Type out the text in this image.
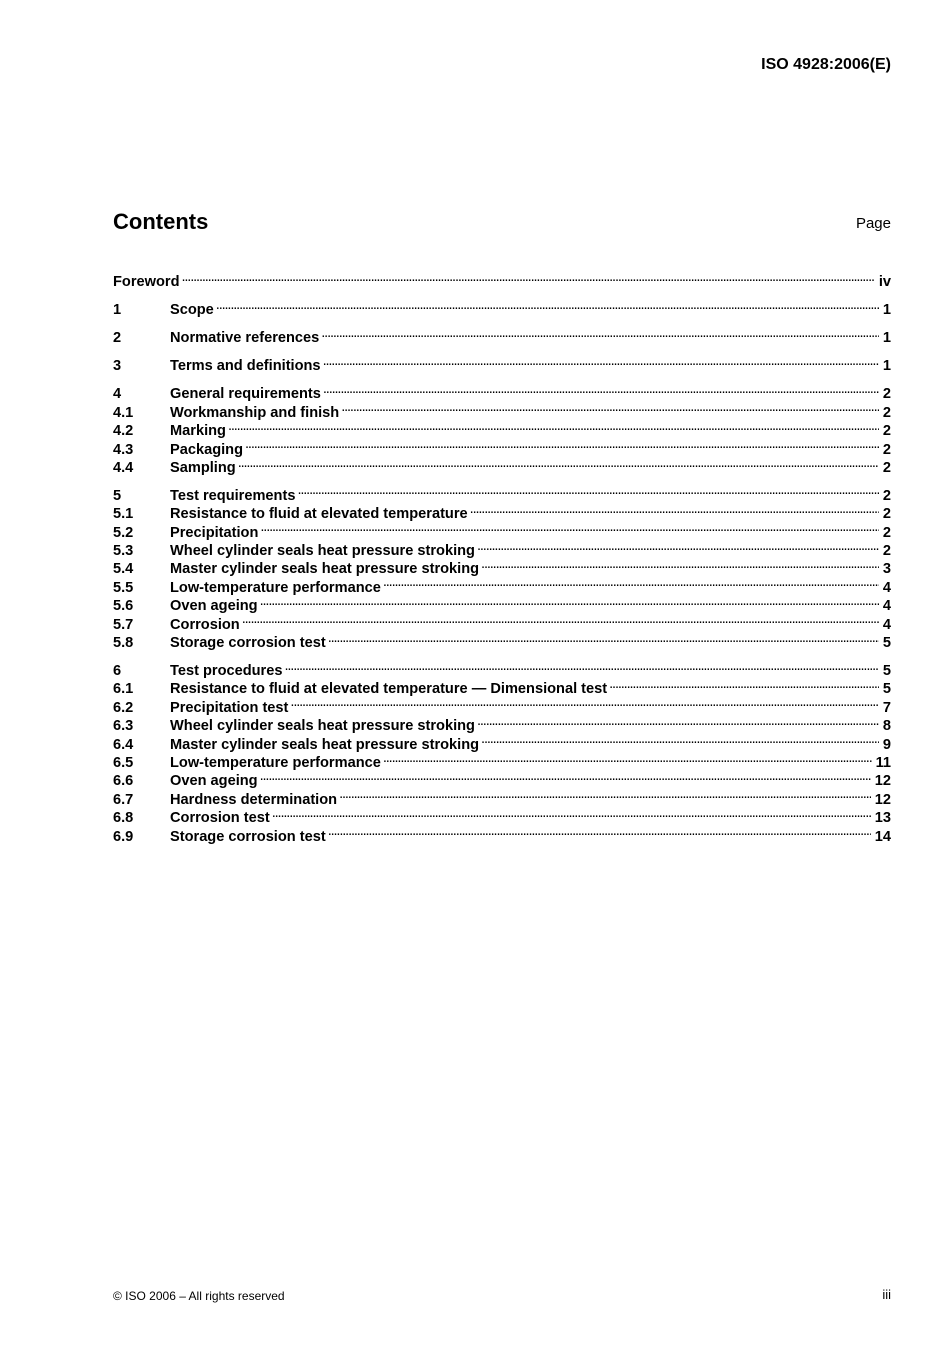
ISO 4928:2006(E)
Contents	Page
Foreword . . .	iv
1	Scope . . .	1
2	Normative references . . .	1
3	Terms and definitions . . .	1
4	General requirements . . .	2
4.1	Workmanship and finish . . .	2
4.2	Marking . . .	2
4.3	Packaging . . .	2
4.4	Sampling . . .	2
5	Test requirements . . .	2
5.1	Resistance to fluid at elevated temperature . . .	2
5.2	Precipitation . . .	2
5.3	Wheel cylinder seals heat pressure stroking . . .	2
5.4	Master cylinder seals heat pressure stroking . . .	3
5.5	Low-temperature performance . . .	4
5.6	Oven ageing . . .	4
5.7	Corrosion . . .	4
5.8	Storage corrosion test . . .	5
6	Test procedures . . .	5
6.1	Resistance to fluid at elevated temperature — Dimensional test . . .	5
6.2	Precipitation test . . .	7
6.3	Wheel cylinder seals heat pressure stroking . . .	8
6.4	Master cylinder seals heat pressure stroking . . .	9
6.5	Low-temperature performance . . .	11
6.6	Oven ageing . . .	12
6.7	Hardness determination . . .	12
6.8	Corrosion test . . .	13
6.9	Storage corrosion test . . .	14
© ISO 2006 – All rights reserved	iii
